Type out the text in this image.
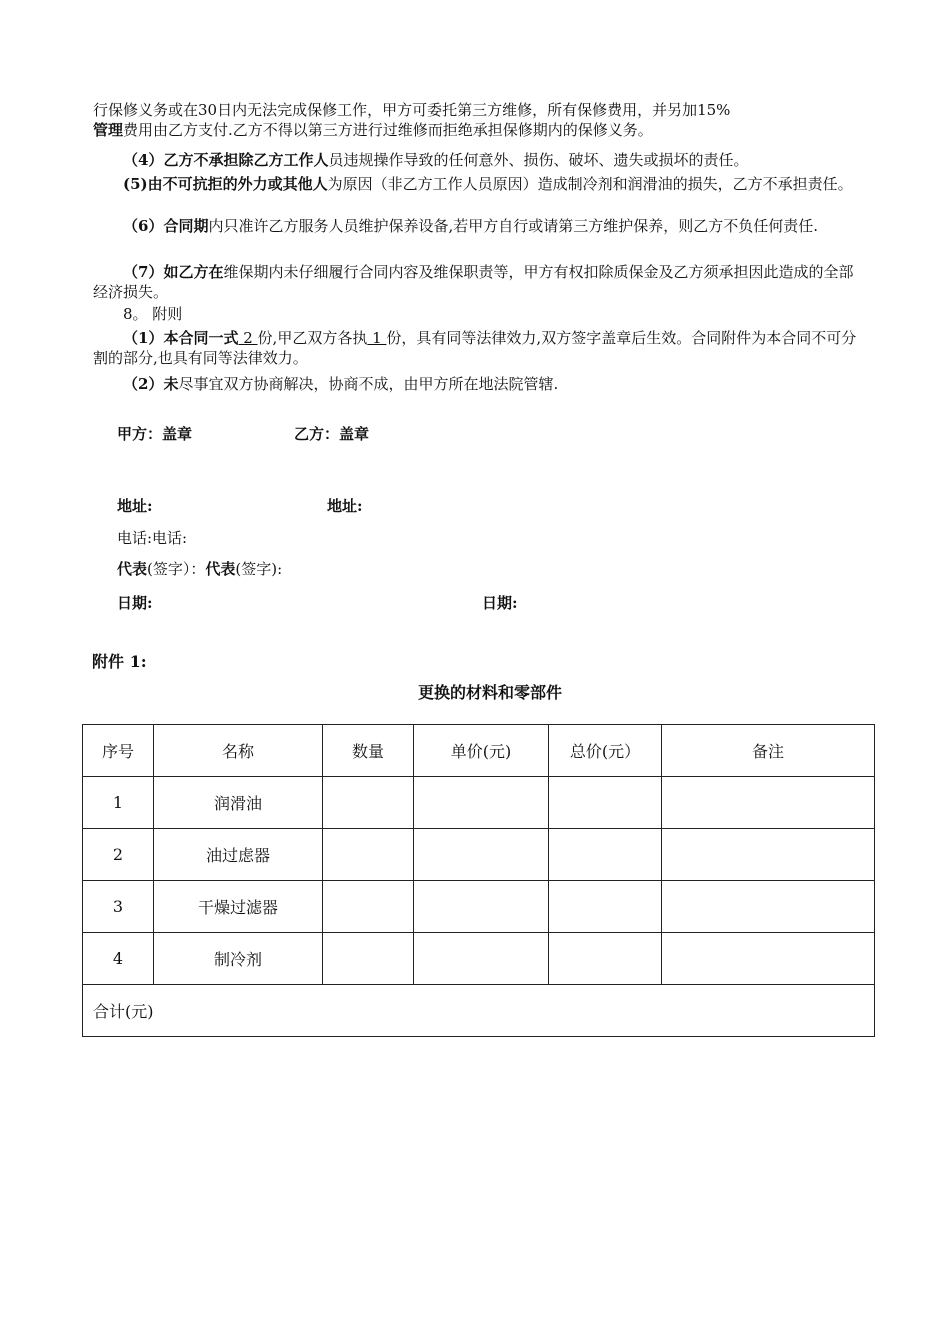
行保修义务或在30日内无法完成保修工作，甲方可委托第三方维修，所有保修费用，并另加15%
管理费用由乙方支付.乙方不得以第三方进行过维修而拒绝承担保修期内的保修义务。

（4）乙方不承担除乙方工作人员违规操作导致的任何意外、损伤、破坏、遗失或损坏的责任。

(5)由不可抗拒的外力或其他人为原因（非乙方工作人员原因）造成制冷剂和润滑油的损失，乙方不承担责任。

（6）合同期内只准许乙方服务人员维护保养设备,若甲方自行或请第三方维护保养，则乙方不负任何责任.

（7）如乙方在维保期内未仔细履行合同内容及维保职责等，甲方有权扣除质保金及乙方须承担因此造成的全部经济损失。

8。 附则

（1）本合同一式 2 份,甲乙双方各执 1 份，具有同等法律效力,双方签字盖章后生效。合同附件为本合同不可分割的部分,也具有同等法律效力。

（2）未尽事宜双方协商解决，协商不成，由甲方所在地法院管辖.

甲方：盖章	乙方：盖章

地址:	地址:

电话:电话:

代表(签字）：代表(签字):

日期:	日期:

附件 1:

更换的材料和零部件
序号	名称	数量	单价(元)	总价(元）	备注
1	润滑油				
2	油过虑器				
3	干燥过滤器				
4	制冷剂				
合计(元)					
